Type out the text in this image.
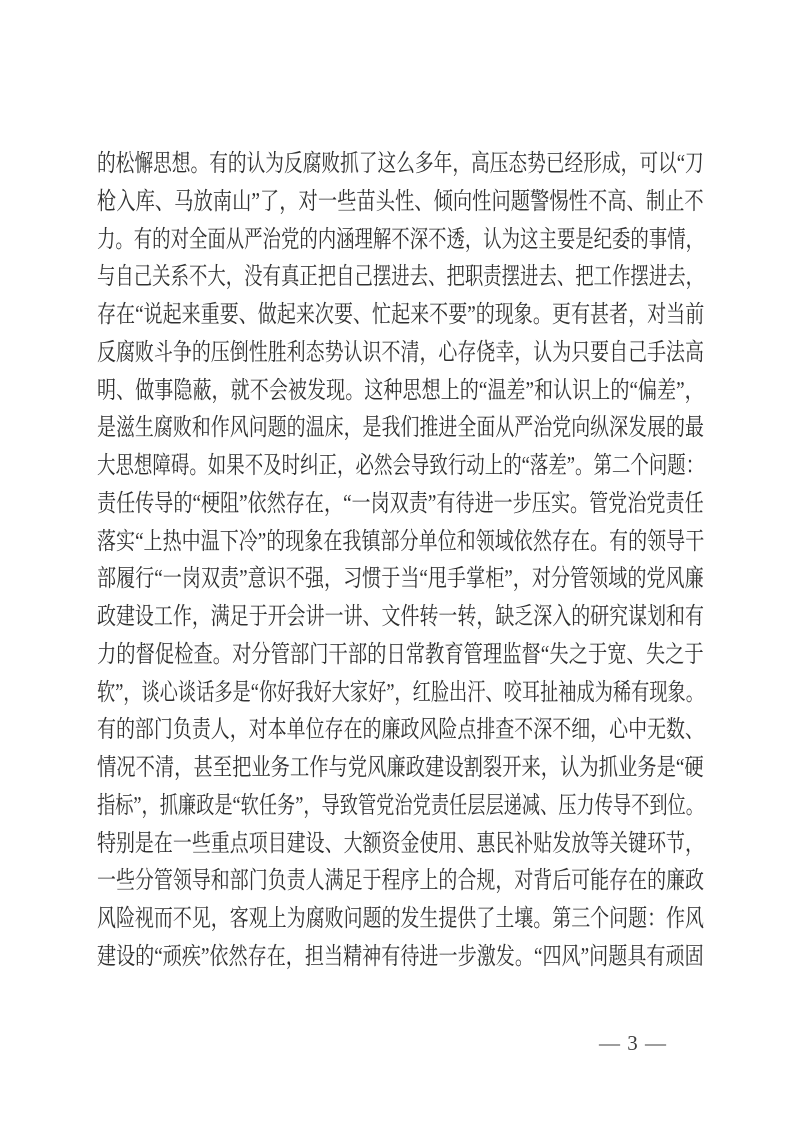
的松懈思想。有的认为反腐败抓了这么多年，高压态势已经形成，可以“刀
枪入库、马放南山”了，对一些苗头性、倾向性问题警惕性不高、制止不
力。有的对全面从严治党的内涵理解不深不透，认为这主要是纪委的事情，
与自己关系不大，没有真正把自己摆进去、把职责摆进去、把工作摆进去，
存在“说起来重要、做起来次要、忙起来不要”的现象。更有甚者，对当前
反腐败斗争的压倒性胜利态势认识不清，心存侥幸，认为只要自己手法高
明、做事隐蔽，就不会被发现。这种思想上的“温差”和认识上的“偏差”，
是滋生腐败和作风问题的温床，是我们推进全面从严治党向纵深发展的最
大思想障碍。如果不及时纠正，必然会导致行动上的“落差”。第二个问题：
责任传导的“梗阻”依然存在，“一岗双责”有待进一步压实。管党治党责任
落实“上热中温下冷”的现象在我镇部分单位和领域依然存在。有的领导干
部履行“一岗双责”意识不强，习惯于当“甩手掌柜”，对分管领域的党风廉
政建设工作，满足于开会讲一讲、文件转一转，缺乏深入的研究谋划和有
力的督促检查。对分管部门干部的日常教育管理监督“失之于宽、失之于
软”，谈心谈话多是“你好我好大家好”，红脸出汗、咬耳扯袖成为稀有现象。
有的部门负责人，对本单位存在的廉政风险点排查不深不细，心中无数、
情况不清，甚至把业务工作与党风廉政建设割裂开来，认为抓业务是“硬
指标”，抓廉政是“软任务”，导致管党治党责任层层递减、压力传导不到位。
特别是在一些重点项目建设、大额资金使用、惠民补贴发放等关键环节，
一些分管领导和部门负责人满足于程序上的合规，对背后可能存在的廉政
风险视而不见，客观上为腐败问题的发生提供了土壤。第三个问题：作风
建设的“顽疾”依然存在，担当精神有待进一步激发。“四风”问题具有顽固
— 3 —
